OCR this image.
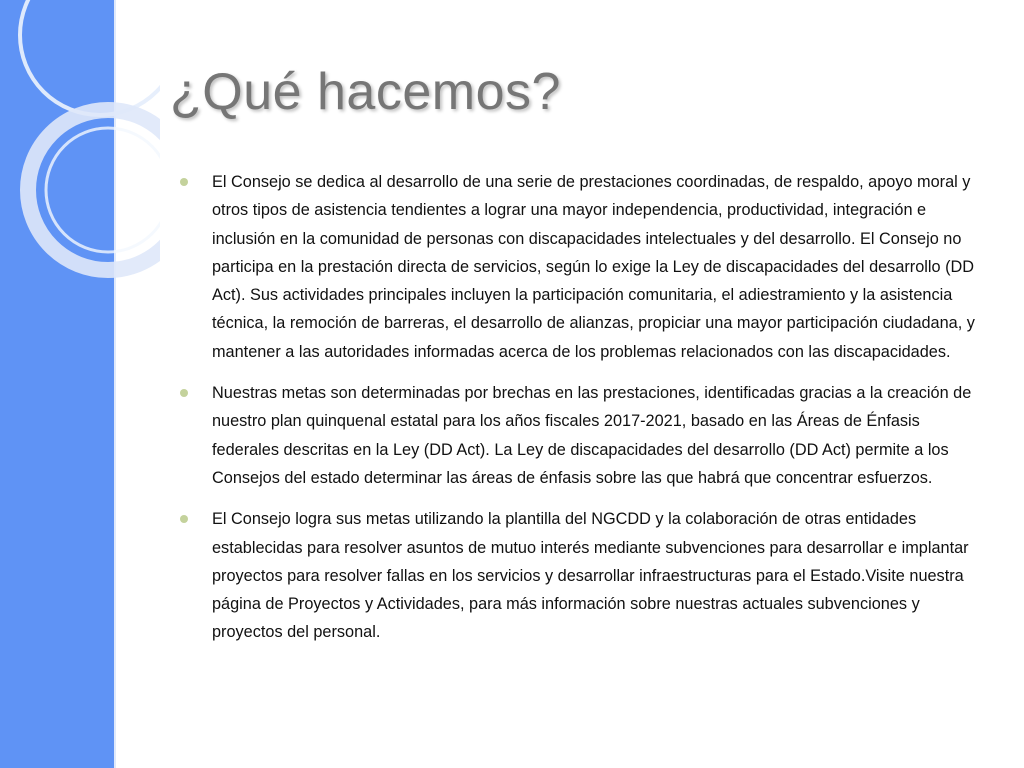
¿Qué hacemos?
El Consejo se dedica al desarrollo de una serie de prestaciones coordinadas, de respaldo, apoyo moral y otros tipos de asistencia tendientes a lograr una mayor independencia, productividad, integración e inclusión en la comunidad de personas con discapacidades intelectuales y del desarrollo. El Consejo no participa en la prestación directa de servicios, según lo exige la Ley de discapacidades del desarrollo (DD Act). Sus actividades principales incluyen la participación comunitaria, el adiestramiento y la asistencia técnica, la remoción de barreras, el desarrollo de alianzas, propiciar una mayor participación ciudadana, y mantener a las autoridades informadas acerca de los problemas relacionados con las discapacidades.
Nuestras metas son determinadas por brechas en las prestaciones, identificadas gracias a la creación de nuestro plan quinquenal estatal para los años fiscales 2017-2021, basado en las Áreas de Énfasis federales descritas en la Ley (DD Act). La Ley de discapacidades del desarrollo (DD Act) permite a los Consejos del estado determinar las áreas de énfasis sobre las que habrá que concentrar esfuerzos.
El Consejo logra sus metas utilizando la plantilla del NGCDD y la colaboración de otras entidades establecidas para resolver asuntos de mutuo interés mediante subvenciones para desarrollar e implantar proyectos para resolver fallas en los servicios y desarrollar infraestructuras para el Estado.Visite nuestra página de Proyectos y Actividades, para más información sobre nuestras actuales subvenciones y proyectos del personal.
